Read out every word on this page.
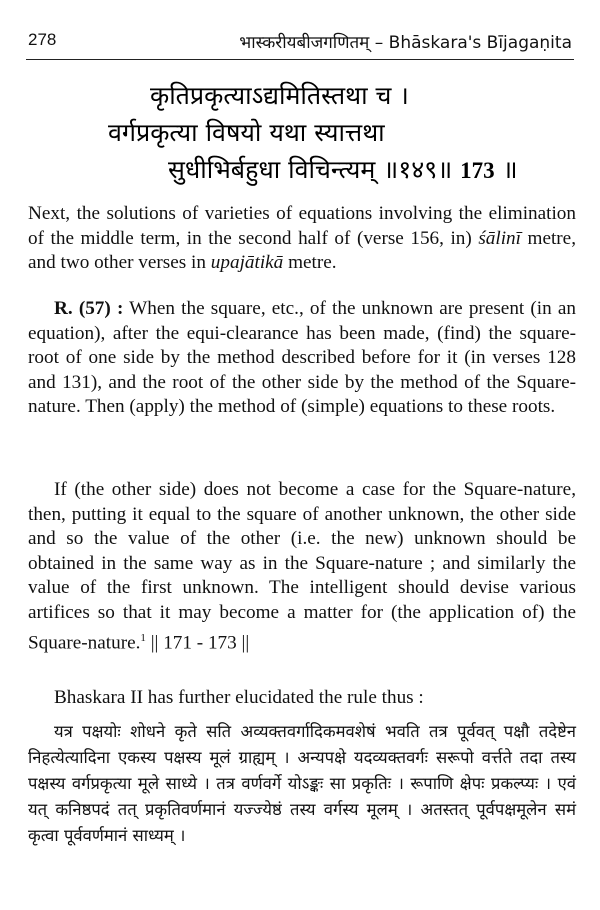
278	भास्करीयबीजगणितम् – Bhāskara's Bījagaṇita
कृतिप्रकृत्याऽद्यमितिस्तथा च ।
वर्गप्रकृत्या विषयो यथा स्यात्तथा
सुधीभिर्बहुधा विचिन्त्यम् ॥१४९॥ 173 ॥
Next, the solutions of varieties of equations involving the elimination of the middle term, in the second half of (verse 156, in) śālinī metre, and two other verses in upajātikā metre.
R. (57) : When the square, etc., of the unknown are present (in an equation), after the equi-clearance has been made, (find) the square-root of one side by the method described before for it (in verses 128 and 131), and the root of the other side by the method of the Square-nature. Then (apply) the method of (simple) equations to these roots.
If (the other side) does not become a case for the Square-nature, then, putting it equal to the square of another unknown, the other side and so the value of the other (i.e. the new) unknown should be obtained in the same way as in the Square-nature ; and similarly the value of the first unknown. The intelligent should devise various artifices so that it may become a matter for (the application of) the Square-nature.$^1$ || 171 - 173 ||
Bhaskara II has further elucidated the rule thus :
यत्र पक्षयोः शोधने कृते सति अव्यक्तवर्गादिकमवशेषं भवति तत्र पूर्ववत् पक्षौ तदेष्टेन निहत्येत्यादिना एकस्य पक्षस्य मूलं ग्राह्यम् । अन्यपक्षे यदव्यक्तवर्गः सरूपो वर्त्तते तदा तस्य पक्षस्य वर्गप्रकृत्या मूले साध्ये । तत्र वर्णवर्गे योऽङ्कः सा प्रकृतिः । रूपाणि क्षेपः प्रकल्प्यः । एवं यत् कनिष्ठपदं तत् प्रकृतिवर्णमानं यज्ज्येष्ठं तस्य वर्गस्य मूलम् । अतस्तत् पूर्वपक्षमूलेन समं कृत्वा पूर्ववर्णमानं साध्यम् ।
